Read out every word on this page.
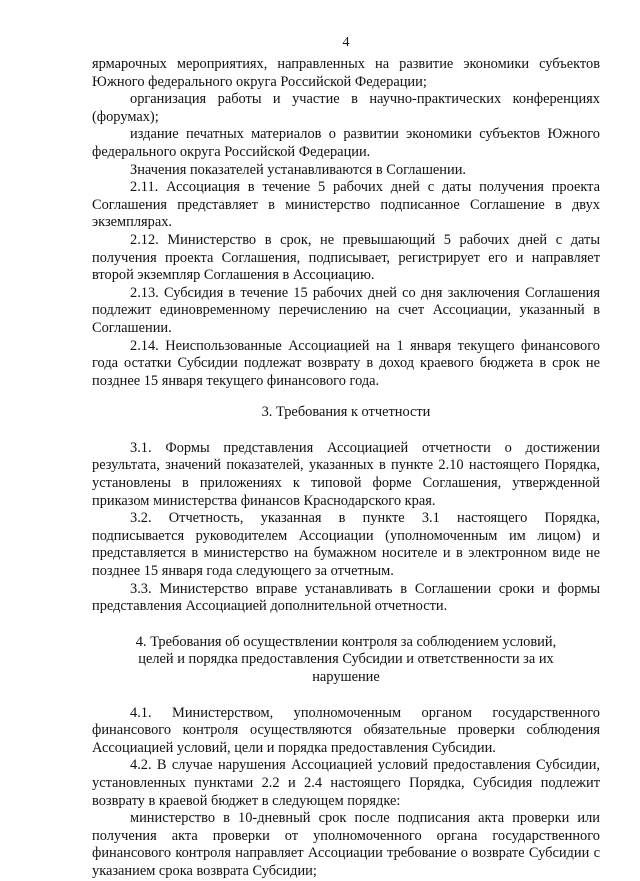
4

ярмарочных мероприятиях, направленных на развитие экономики субъектов Южного федерального округа Российской Федерации;

организация работы и участие в научно-практических конференциях (форумах);

издание печатных материалов о развитии экономики субъектов Южного федерального округа Российской Федерации.

Значения показателей устанавливаются в Соглашении.

2.11. Ассоциация в течение 5 рабочих дней с даты получения проекта Соглашения представляет в министерство подписанное Соглашение в двух экземплярах.

2.12. Министерство в срок, не превышающий 5 рабочих дней с даты получения проекта Соглашения, подписывает, регистрирует его и направляет второй экземпляр Соглашения в Ассоциацию.

2.13. Субсидия в течение 15 рабочих дней со дня заключения Соглашения подлежит единовременному перечислению на счет Ассоциации, указанный в Соглашении.

2.14. Неиспользованные Ассоциацией на 1 января текущего финансового года остатки Субсидии подлежат возврату в доход краевого бюджета в срок не позднее 15 января текущего финансового года.

3. Требования к отчетности

3.1. Формы представления Ассоциацией отчетности о достижении результата, значений показателей, указанных в пункте 2.10 настоящего Порядка, установлены в приложениях к типовой форме Соглашения, утвержденной приказом министерства финансов Краснодарского края.

3.2. Отчетность, указанная в пункте 3.1 настоящего Порядка, подписывается руководителем Ассоциации (уполномоченным им лицом) и представляется в министерство на бумажном носителе и в электронном виде не позднее 15 января года следующего за отчетным.

3.3. Министерство вправе устанавливать в Соглашении сроки и формы представления Ассоциацией дополнительной отчетности.

4. Требования об осуществлении контроля за соблюдением условий, целей и порядка предоставления Субсидии и ответственности за их нарушение

4.1. Министерством, уполномоченным органом государственного финансового контроля осуществляются обязательные проверки соблюдения Ассоциацией условий, цели и порядка предоставления Субсидии.

4.2. В случае нарушения Ассоциацией условий предоставления Субсидии, установленных пунктами 2.2 и 2.4 настоящего Порядка, Субсидия подлежит возврату в краевой бюджет в следующем порядке:

министерство в 10-дневный срок после подписания акта проверки или получения акта проверки от уполномоченного органа государственного финансового контроля направляет Ассоциации требование о возврате Субсидии с указанием срока возврата Субсидии;
